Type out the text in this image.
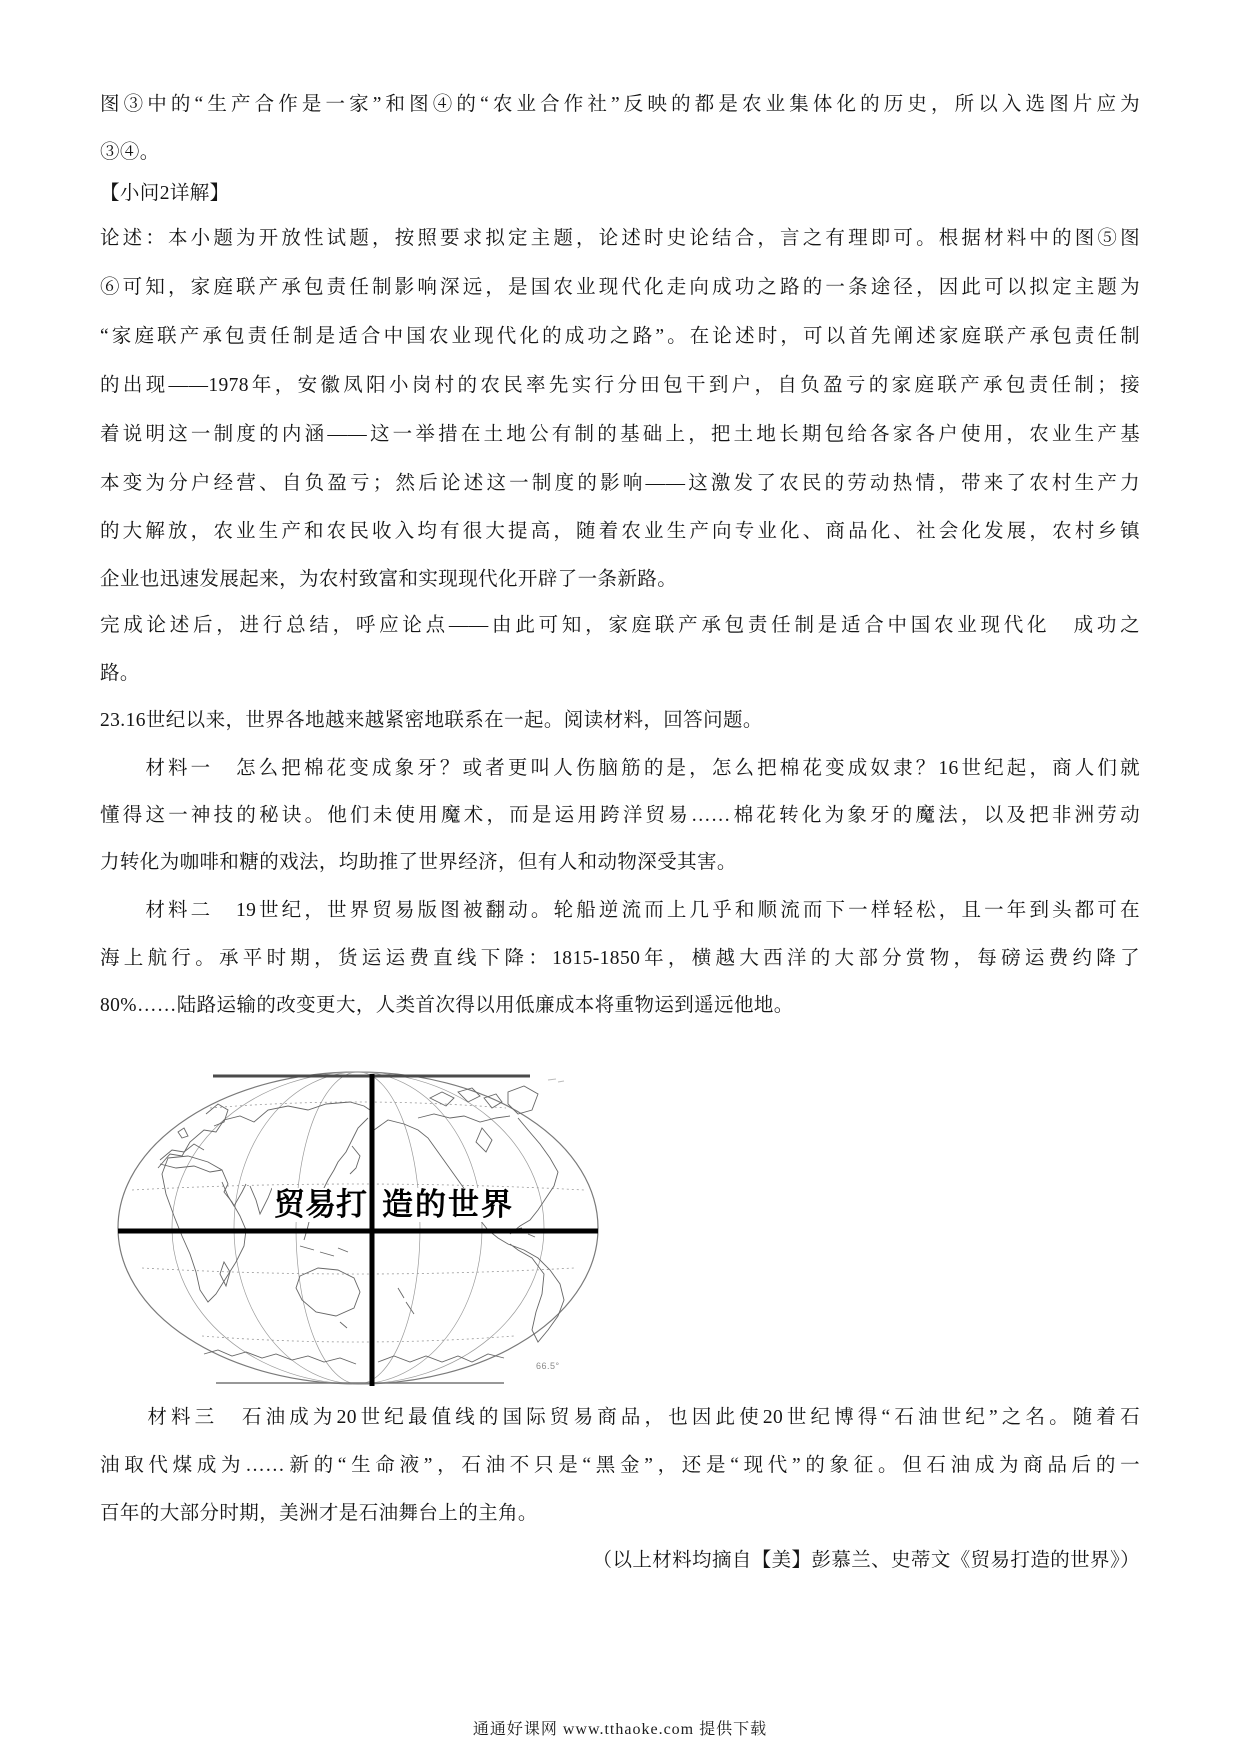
图③中的“生产合作是一家”和图④的“农业合作社”反映的都是农业集体化的历史，所以入选图片应为
③④。
【小问2详解】
论述：本小题为开放性试题，按照要求拟定主题，论述时史论结合，言之有理即可。根据材料中的图⑤图
⑥可知，家庭联产承包责任制影响深远，是国农业现代化走向成功之路的一条途径，因此可以拟定主题为
“家庭联产承包责任制是适合中国农业现代化的成功之路”。在论述时，可以首先阐述家庭联产承包责任制
的出现——1978年，安徽凤阳小岗村的农民率先实行分田包干到户，自负盈亏的家庭联产承包责任制；接
着说明这一制度的内涵——这一举措在土地公有制的基础上，把土地长期包给各家各户使用，农业生产基
本变为分户经营、自负盈亏；然后论述这一制度的影响——这激发了农民的劳动热情，带来了农村生产力
的大解放，农业生产和农民收入均有很大提高，随着农业生产向专业化、商品化、社会化发展，农村乡镇
企业也迅速发展起来，为农村致富和实现现代化开辟了一条新路。
完成论述后，进行总结，呼应论点——由此可知，家庭联产承包责任制是适合中国农业现代化　成功之
路。
23.16世纪以来，世界各地越来越紧密地联系在一起。阅读材料，回答问题。
　　材料一　怎么把棉花变成象牙？或者更叫人伤脑筋的是，怎么把棉花变成奴隶？16世纪起，商人们就
懂得这一神技的秘诀。他们未使用魔术，而是运用跨洋贸易……棉花转化为象牙的魔法，以及把非洲劳动
力转化为咖啡和糖的戏法，均助推了世界经济，但有人和动物深受其害。
　　材料二　19世纪，世界贸易版图被翻动。轮船逆流而上几乎和顺流而下一样轻松，且一年到头都可在
海上航行。承平时期，货运运费直线下降：1815-1850年，横越大西洋的大部分赏物，每磅运费约降了
80%……陆路运输的改变更大，人类首次得以用低廉成本将重物运到遥远他地。
贸易打 造的世界
66.5°
　　材料三　石油成为20世纪最值线的国际贸易商品，也因此使20世纪博得“石油世纪”之名。随着石
油取代煤成为……新的“生命液”，石油不只是“黑金”，还是“现代”的象征。但石油成为商品后的一
百年的大部分时期，美洲才是石油舞台上的主角。
（以上材料均摘自【美】彭慕兰、史蒂文《贸易打造的世界》）
通通好课网 www.tthaoke.com 提供下载
